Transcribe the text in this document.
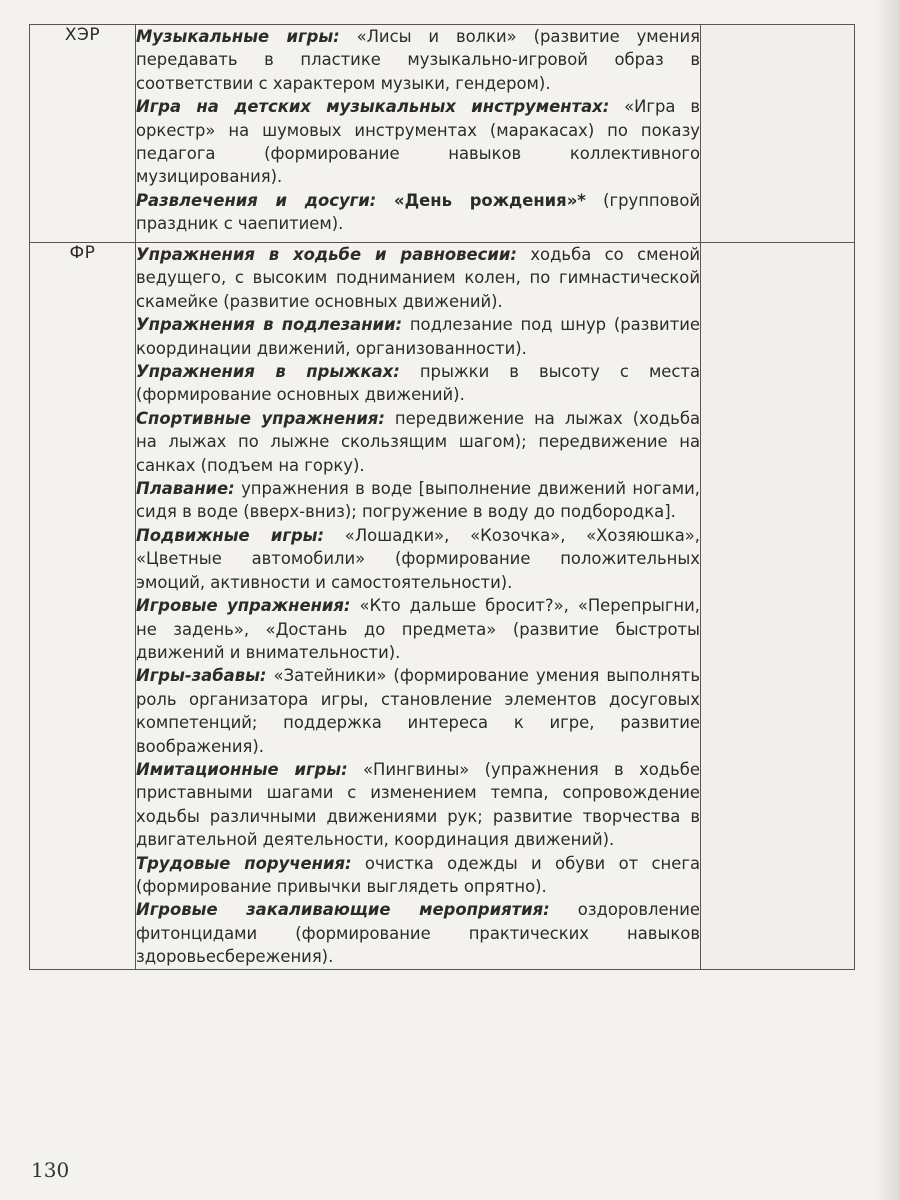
ХЭР	Музыкальные игры: «Лисы и волки» (развитие умения передавать в пластике музыкально-игровой образ в соответствии с характером музыки, гендером).

Игра на детских музыкальных инструментах: «Игра в оркестр» на шумовых инструментах (маракасах) по показу педагога (формирование навыков коллективного музицирования).

Развлечения и досуги: «День рождения»* (групповой праздник с чаепитием).

ФР	Упражнения в ходьбе и равновесии: ходьба со сменой ведущего, с высоким подниманием колен, по гимнастической скамейке (развитие основных движений).

Упражнения в подлезании: подлезание под шнур (развитие координации движений, организованности).

Упражнения в прыжках: прыжки в высоту с места (формирование основных движений).

Спортивные упражнения: передвижение на лыжах (ходьба на лыжах по лыжне скользящим шагом); передвижение на санках (подъем на горку).

Плавание: упражнения в воде [выполнение движений ногами, сидя в воде (вверх-вниз); погружение в воду до подбородка].

Подвижные игры: «Лошадки», «Козочка», «Хозяюшка», «Цветные автомобили» (формирование положительных эмоций, активности и самостоятельности).

Игровые упражнения: «Кто дальше бросит?», «Перепрыгни, не задень», «Достань до предмета» (развитие быстроты движений и внимательности).

Игры-забавы: «Затейники» (формирование умения выполнять роль организатора игры, становление элементов досуговых компетенций; поддержка интереса к игре, развитие воображения).

Имитационные игры: «Пингвины» (упражнения в ходьбе приставными шагами с изменением темпа, сопровождение ходьбы различными движениями рук; развитие творчества в двигательной деятельности, координация движений).

Трудовые поручения: очистка одежды и обуви от снега (формирование привычки выглядеть опрятно).

Игровые закаливающие мероприятия: оздоровление фитонцидами (формирование практических навыков здоровьесбережения).

130
